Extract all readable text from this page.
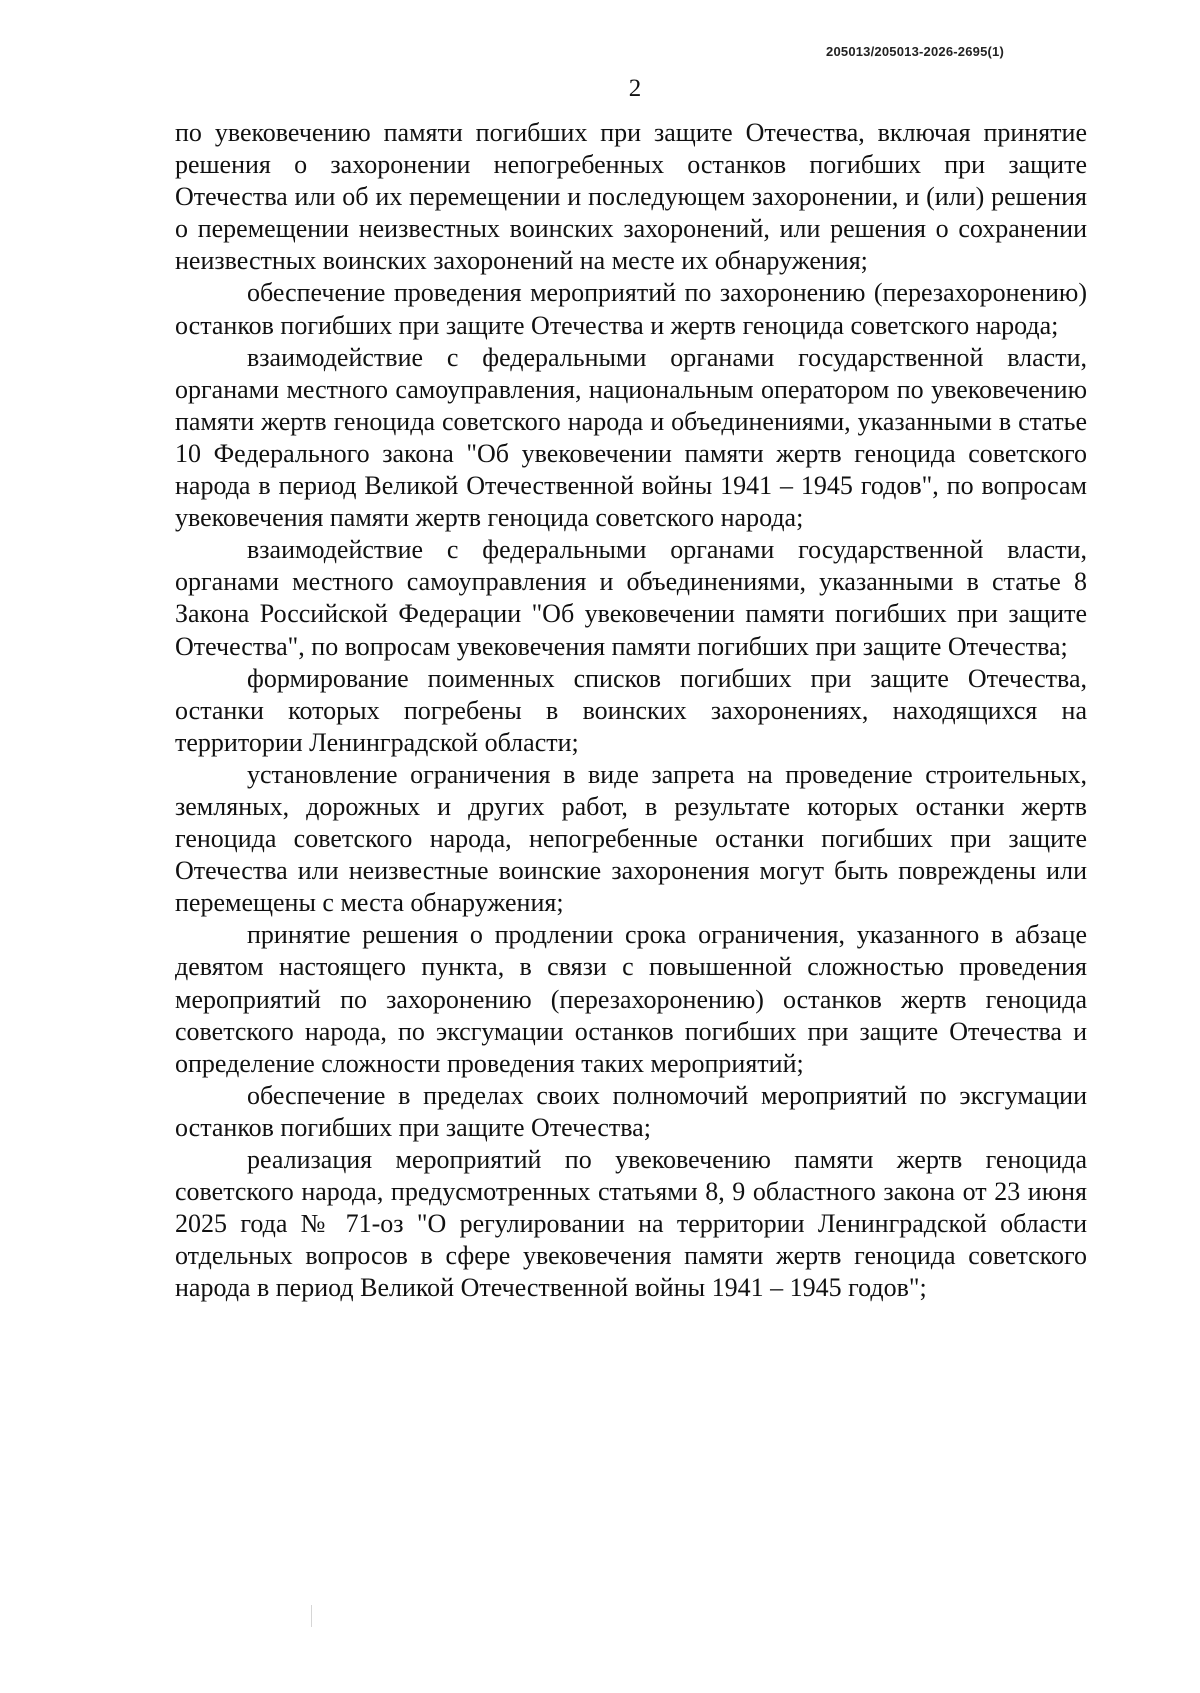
205013/205013-2026-2695(1)
2

по увековечению памяти погибших при защите Отечества, включая принятие решения о захоронении непогребенных останков погибших при защите Отечества или об их перемещении и последующем захоронении, и (или) решения о перемещении неизвестных воинских захоронений, или решения о сохранении неизвестных воинских захоронений на месте их обнаружения;

обеспечение проведения мероприятий по захоронению (перезахоронению) останков погибших при защите Отечества и жертв геноцида советского народа;

взаимодействие с федеральными органами государственной власти, органами местного самоуправления, национальным оператором по увековечению памяти жертв геноцида советского народа и объединениями, указанными в статье 10 Федерального закона "Об увековечении памяти жертв геноцида советского народа в период Великой Отечественной войны 1941 – 1945 годов", по вопросам увековечения памяти жертв геноцида советского народа;

взаимодействие с федеральными органами государственной власти, органами местного самоуправления и объединениями, указанными в статье 8 Закона Российской Федерации "Об увековечении памяти погибших при защите Отечества", по вопросам увековечения памяти погибших при защите Отечества;

формирование поименных списков погибших при защите Отечества, останки которых погребены в воинских захоронениях, находящихся на территории Ленинградской области;

установление ограничения в виде запрета на проведение строительных, земляных, дорожных и других работ, в результате которых останки жертв геноцида советского народа, непогребенные останки погибших при защите Отечества или неизвестные воинские захоронения могут быть повреждены или перемещены с места обнаружения;

принятие решения о продлении срока ограничения, указанного в абзаце девятом настоящего пункта, в связи с повышенной сложностью проведения мероприятий по захоронению (перезахоронению) останков жертв геноцида советского народа, по эксгумации останков погибших при защите Отечества и определение сложности проведения таких мероприятий;

обеспечение в пределах своих полномочий мероприятий по эксгумации останков погибших при защите Отечества;

реализация мероприятий по увековечению памяти жертв геноцида советского народа, предусмотренных статьями 8, 9 областного закона от 23 июня 2025 года № 71-оз "О регулировании на территории Ленинградской области отдельных вопросов в сфере увековечения памяти жертв геноцида советского народа в период Великой Отечественной войны 1941 – 1945 годов";
